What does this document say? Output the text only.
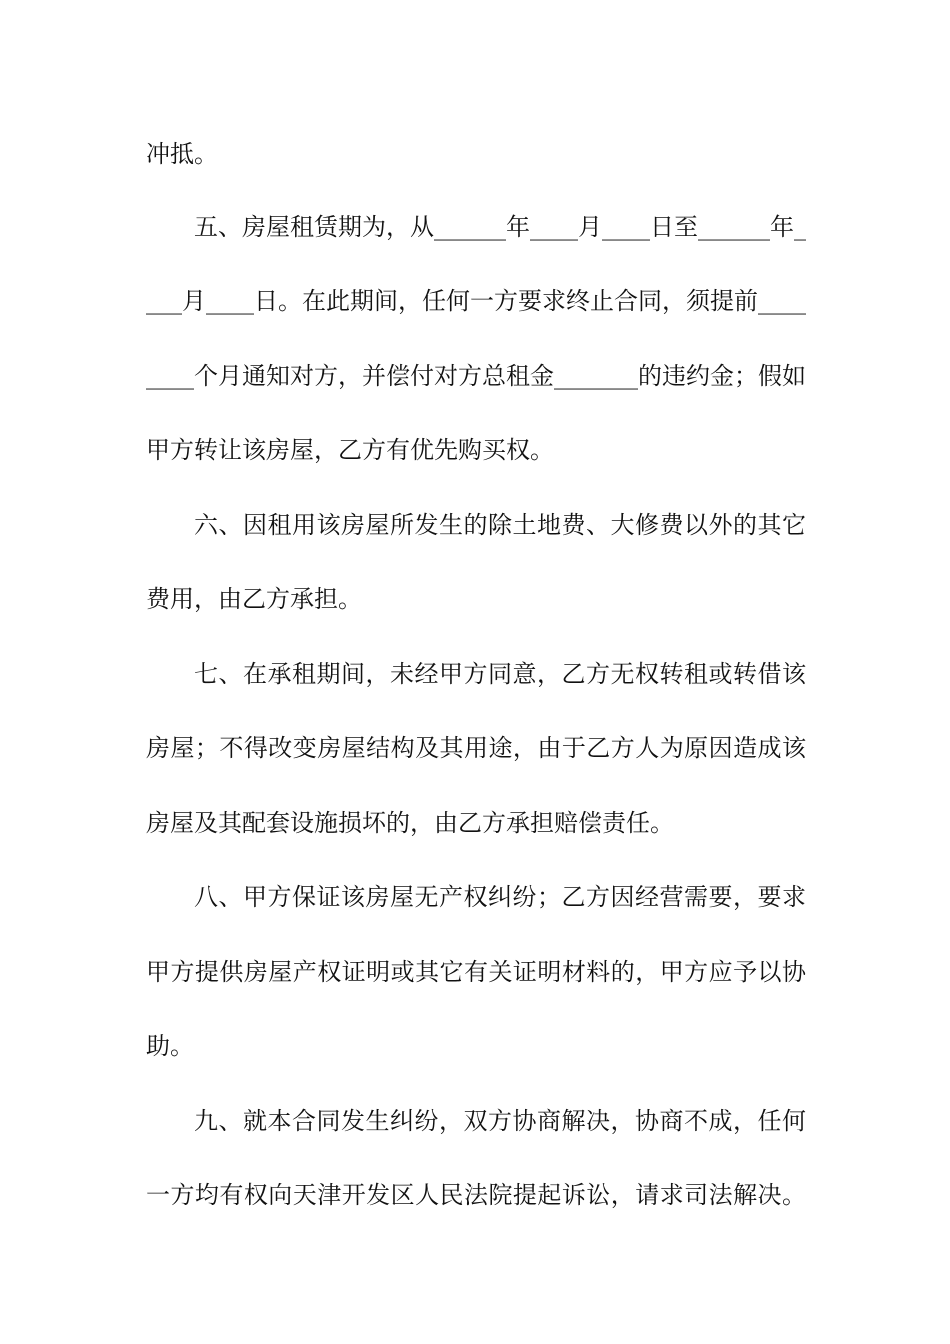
冲抵。
五、房屋租赁期为，从______年____月____日至______年_
___月____日。在此期间，任何一方要求终止合同，须提前____
____个月通知对方，并偿付对方总租金_______的违约金；假如
甲方转让该房屋，乙方有优先购买权。
六、因租用该房屋所发生的除土地费、大修费以外的其它
费用，由乙方承担。
七、在承租期间，未经甲方同意，乙方无权转租或转借该
房屋；不得改变房屋结构及其用途，由于乙方人为原因造成该
房屋及其配套设施损坏的，由乙方承担赔偿责任。
八、甲方保证该房屋无产权纠纷；乙方因经营需要，要求
甲方提供房屋产权证明或其它有关证明材料的，甲方应予以协
助。
九、就本合同发生纠纷，双方协商解决，协商不成，任何
一方均有权向天津开发区人民法院提起诉讼，请求司法解决。
